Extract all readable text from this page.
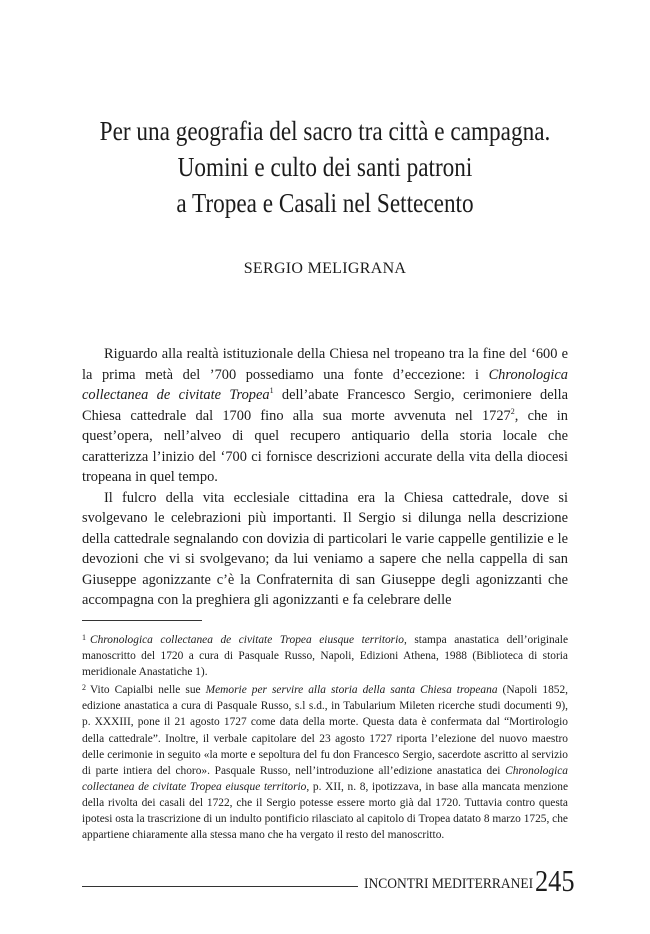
Per una geografia del sacro tra città e campagna.
Uomini e culto dei santi patroni
a Tropea e Casali nel Settecento
SERGIO MELIGRANA

Riguardo alla realtà istituzionale della Chiesa nel tropeano tra la fine del ‘600 e la prima metà del ’700 possediamo una fonte d’eccezione: i Chronologica collectanea de civitate Tropea$^1$ dell’abate Francesco Sergio, cerimoniere della Chiesa cattedrale dal 1700 fino alla sua morte avvenuta nel 1727$^2$, che in quest’opera, nell’alveo di quel recupero antiquario della storia locale che caratterizza l’inizio del ‘700 ci fornisce descrizioni accurate della vita della diocesi tropeana in quel tempo.

Il fulcro della vita ecclesiale cittadina era la Chiesa cattedrale, dove si svolgevano le celebrazioni più importanti. Il Sergio si dilunga nella descrizione della cattedrale segnalando con dovizia di particolari le varie cappelle gentilizie e le devozioni che vi si svolgevano; da lui veniamo a sapere che nella cappella di san Giuseppe agonizzante c’è la Confraternita di san Giuseppe degli agonizzanti che accompagna con la preghiera gli agonizzanti e fa celebrare delle

$^1$ Chronologica collectanea de civitate Tropea eiusque territorio, stampa anastatica dell’originale manoscritto del 1720 a cura di Pasquale Russo, Napoli, Edizioni Athena, 1988 (Biblioteca di storia meridionale Anastatiche 1).

$^2$ Vito Capialbi nelle sue Memorie per servire alla storia della santa Chiesa tropeana (Napoli 1852, edizione anastatica a cura di Pasquale Russo, s.l s.d., in Tabularium Mileten ricerche studi documenti 9), p. XXXIII, pone il 21 agosto 1727 come data della morte. Questa data è confermata dal “Mortirologio della cattedrale”. Inoltre, il verbale capitolare del 23 agosto 1727 riporta l’elezione del nuovo maestro delle cerimonie in seguito «la morte e sepoltura del fu don Francesco Sergio, sacerdote ascritto al servizio di parte intiera del choro». Pasquale Russo, nell’introduzione all’edizione anastatica dei Chronologica collectanea de civitate Tropea eiusque territorio, p. XII, n. 8, ipotizzava, in base alla mancata menzione della rivolta dei casali del 1722, che il Sergio potesse essere morto già dal 1720. Tuttavia contro questa ipotesi osta la trascrizione di un indulto pontificio rilasciato al capitolo di Tropea datato 8 marzo 1725, che appartiene chiaramente alla stessa mano che ha vergato il resto del manoscritto.

INCONTRI MEDITERRANEI 245
